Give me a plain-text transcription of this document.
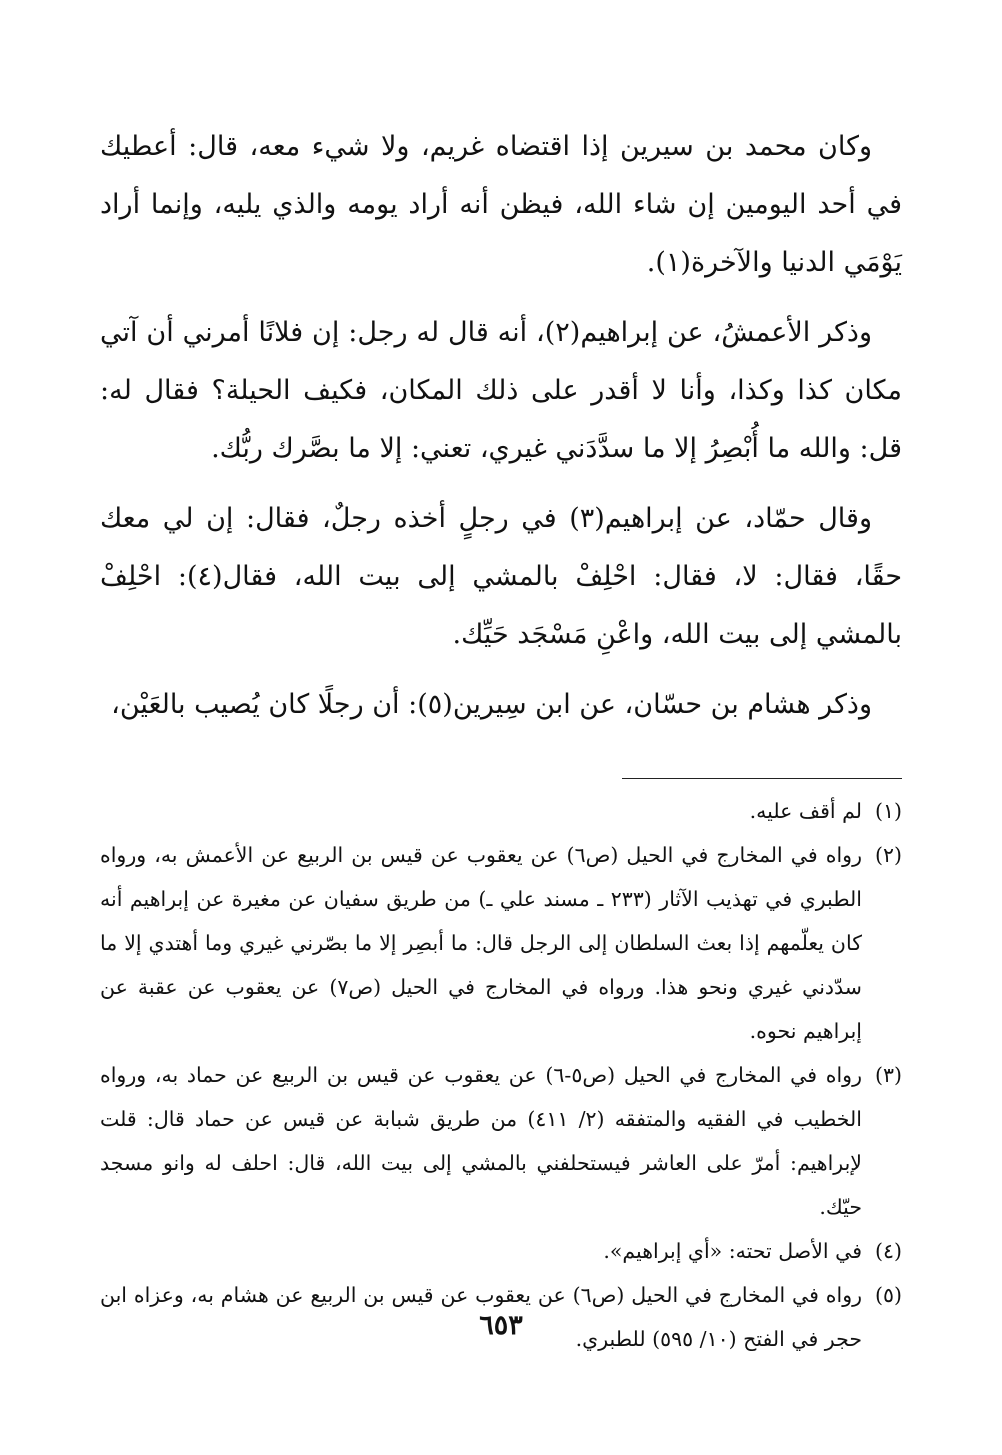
وكان محمد بن سيرين إذا اقتضاه غريم، ولا شيء معه، قال: أعطيك في أحد اليومين إن شاء الله، فيظن أنه أراد يومه والذي يليه، وإنما أراد يَوْمَي الدنيا والآخرة(١).

وذكر الأعمشُ، عن إبراهيم(٢)، أنه قال له رجل: إن فلانًا أمرني أن آتي مكان كذا وكذا، وأنا لا أقدر على ذلك المكان، فكيف الحيلة؟ فقال له: قل: والله ما أُبْصِرُ إلا ما سدَّدَني غيري، تعني: إلا ما بصَّرك ربُّك.

وقال حمّاد، عن إبراهيم(٣) في رجلٍ أخذه رجلٌ، فقال: إن لي معك حقًا، فقال: لا، فقال: احْلِفْ بالمشي إلى بيت الله، فقال(٤): احْلِفْ بالمشي إلى بيت الله، واعْنِ مَسْجَد حَيِّك.

وذكر هشام بن حسّان، عن ابن سِيرين(٥): أن رجلًا كان يُصيب بالعَيْن،

(١)
لم أقف عليه.
(٢)
رواه في المخارج في الحيل (ص٦) عن يعقوب عن قيس بن الربيع عن الأعمش به، ورواه الطبري في تهذيب الآثار (٢٣٣ ـ مسند علي ـ) من طريق سفيان عن مغيرة عن إبراهيم أنه كان يعلّمهم إذا بعث السلطان إلى الرجل قال: ما أبصِر إلا ما بصّرني غيري وما أهتدي إلا ما سدّدني غيري ونحو هذا. ورواه في المخارج في الحيل (ص٧) عن يعقوب عن عقبة عن إبراهيم نحوه.
(٣)
رواه في المخارج في الحيل (ص٥-٦) عن يعقوب عن قيس بن الربيع عن حماد به، ورواه الخطيب في الفقيه والمتفقه (٢/ ٤١١) من طريق شبابة عن قيس عن حماد قال: قلت لإبراهيم: أمرّ على العاشر فيستحلفني بالمشي إلى بيت الله، قال: احلف له وانو مسجد حيّك.
(٤)
في الأصل تحته: «أي إبراهيم».
(٥)
رواه في المخارج في الحيل (ص٦) عن يعقوب عن قيس بن الربيع عن هشام به، وعزاه ابن حجر في الفتح (١٠/ ٥٩٥) للطبري.
٦٥٣
